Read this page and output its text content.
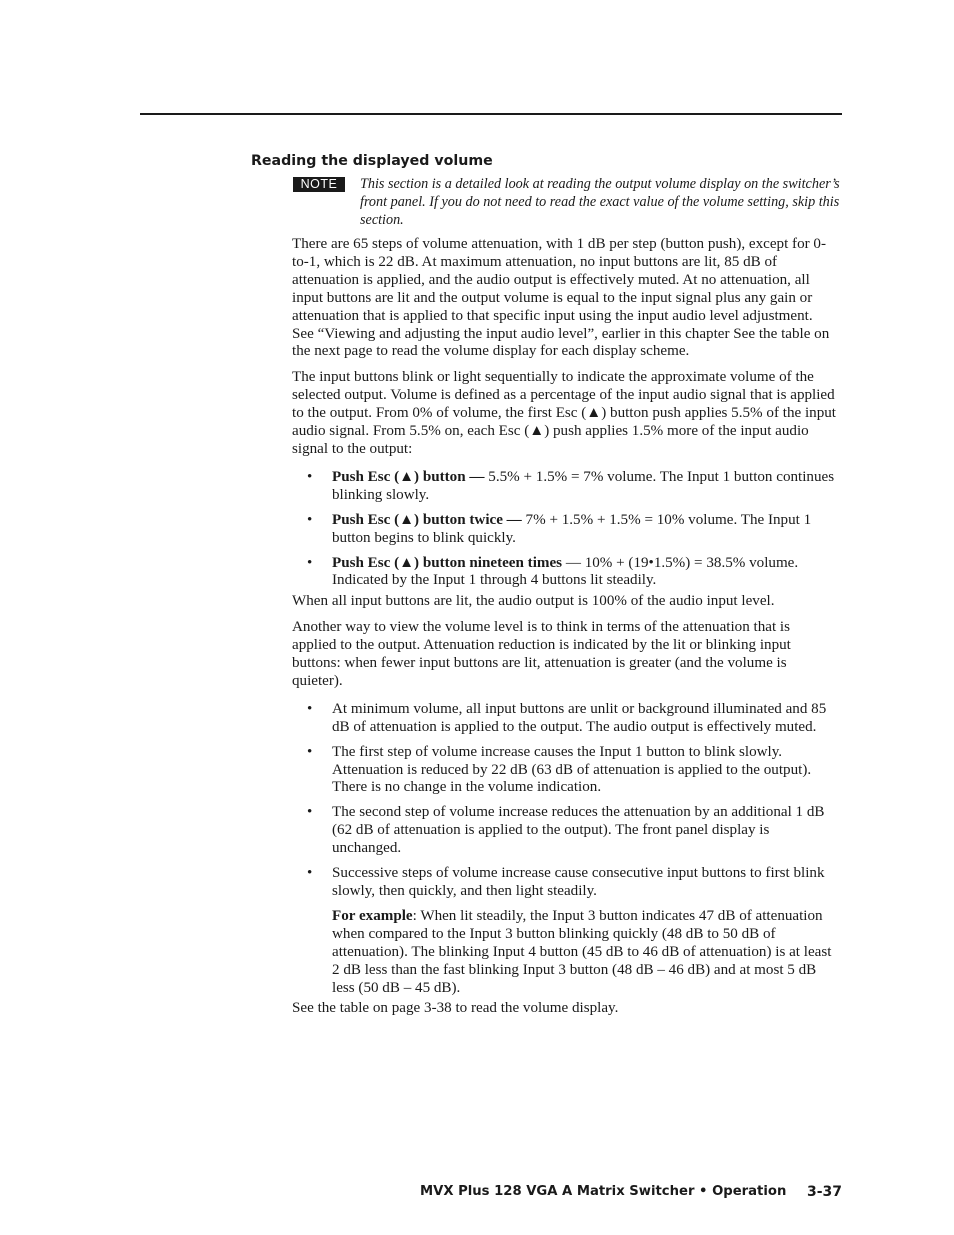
Reading the displayed volume
NOTE	This section is a detailed look at reading the output volume display on the switcher’s front panel. If you do not need to read the exact value of the volume setting, skip this section.

There are 65 steps of volume attenuation, with 1 dB per step (button push), except for 0-to-1, which is 22 dB. At maximum attenuation, no input buttons are lit, 85 dB of attenuation is applied, and the audio output is effectively muted. At no attenuation, all input buttons are lit and the output volume is equal to the input signal plus any gain or attenuation that is applied to that specific input using the input audio level adjustment. See “Viewing and adjusting the input audio level”, earlier in this chapter See the table on the next page to read the volume display for each display scheme.

The input buttons blink or light sequentially to indicate the approximate volume of the selected output. Volume is defined as a percentage of the input audio signal that is applied to the output. From 0% of volume, the first Esc (▲) button push applies 5.5% of the input audio signal. From 5.5% on, each Esc (▲) push applies 1.5% more of the input audio signal to the output:

• Push Esc (▲) button — 5.5% + 1.5% = 7% volume. The Input 1 button continues blinking slowly.
• Push Esc (▲) button twice — 7% + 1.5% + 1.5% = 10% volume. The Input 1 button begins to blink quickly.
• Push Esc (▲) button nineteen times — 10% + (19•1.5%) = 38.5% volume. Indicated by the Input 1 through 4 buttons lit steadily.

When all input buttons are lit, the audio output is 100% of the audio input level.

Another way to view the volume level is to think in terms of the attenuation that is applied to the output. Attenuation reduction is indicated by the lit or blinking input buttons: when fewer input buttons are lit, attenuation is greater (and the volume is quieter).

• At minimum volume, all input buttons are unlit or background illuminated and 85 dB of attenuation is applied to the output. The audio output is effectively muted.
• The first step of volume increase causes the Input 1 button to blink slowly. Attenuation is reduced by 22 dB (63 dB of attenuation is applied to the output). There is no change in the volume indication.
• The second step of volume increase reduces the attenuation by an additional 1 dB (62 dB of attenuation is applied to the output). The front panel display is unchanged.
• Successive steps of volume increase cause consecutive input buttons to first blink slowly, then quickly, and then light steadily.

For example: When lit steadily, the Input 3 button indicates 47 dB of attenuation when compared to the Input 3 button blinking quickly (48 dB to 50 dB of attenuation). The blinking Input 4 button (45 dB to 46 dB of attenuation) is at least 2 dB less than the fast blinking Input 3 button (48 dB – 46 dB) and at most 5 dB less (50 dB – 45 dB).

See the table on page 3-38 to read the volume display.

MVX Plus 128 VGA A Matrix Switcher • Operation 3-37
